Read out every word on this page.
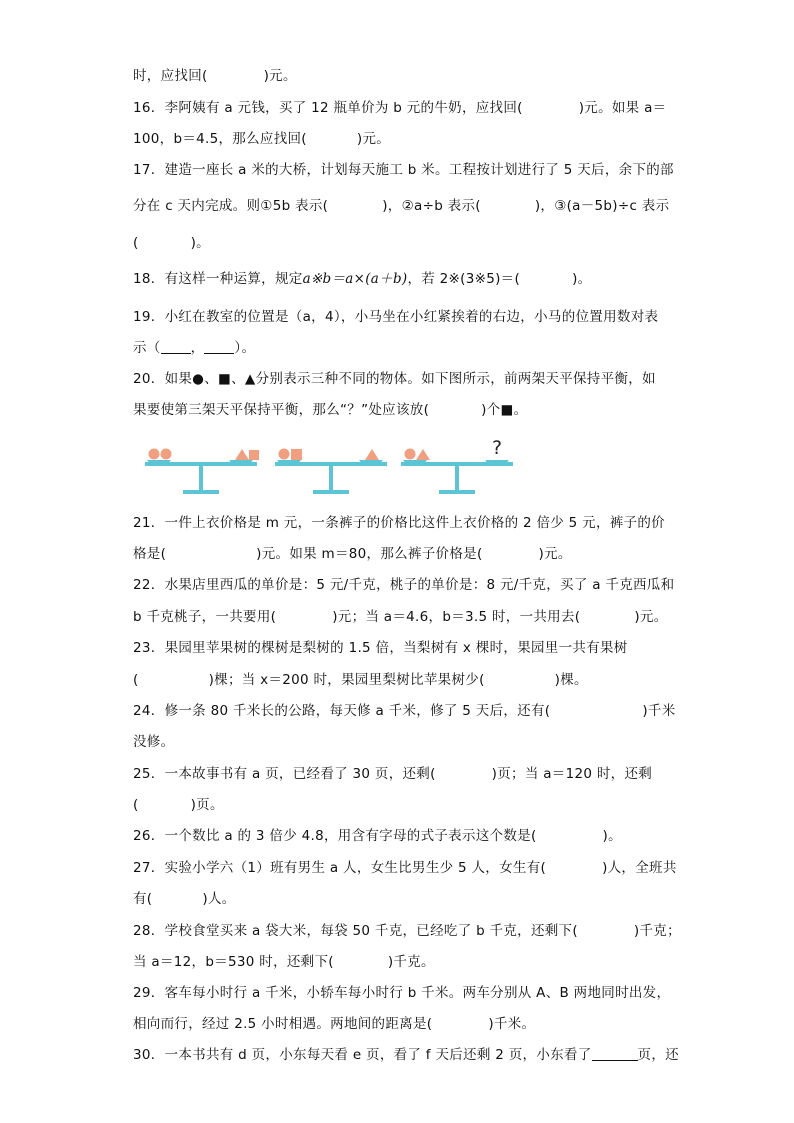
时，应找回(	)元。
16．李阿姨有 a 元钱，买了 12 瓶单价为 b 元的牛奶，应找回(	)元。如果 a＝
100，b＝4.5，那么应找回(	)元。
17．建造一座长 a 米的大桥，计划每天施工 b 米。工程按计划进行了 5 天后，余下的部
分在 c 天内完成。则①5b 表示(	)，②a÷b 表示(	)，③(a－5b)÷c 表示
(	)。
18．有这样一种运算，规定a※b＝a×(a＋b)，若 2※(3※5)＝(	)。
19．小红在教室的位置是（a，4），小马坐在小红紧挨着的右边，小马的位置用数对表
示（ ， ）。
20．如果●、■、▲分别表示三种不同的物体。如下图所示，前两架天平保持平衡，如
果要使第三架天平保持平衡，那么“？”处应该放(	)个■。
?
21．一件上衣价格是 m 元，一条裤子的价格比这件上衣价格的 2 倍少 5 元，裤子的价
格是(	)元。如果 m＝80，那么裤子价格是(	)元。
22．水果店里西瓜的单价是：5 元/千克，桃子的单价是：8 元/千克，买了 a 千克西瓜和
b 千克桃子，一共要用(	)元；当 a＝4.6，b＝3.5 时，一共用去(	)元。
23．果园里苹果树的棵树是梨树的 1.5 倍，当梨树有 x 棵时，果园里一共有果树
(	)棵；当 x＝200 时，果园里梨树比苹果树少(	)棵。
24．修一条 80 千米长的公路，每天修 a 千米，修了 5 天后，还有(	)千米
没修。
25．一本故事书有 a 页，已经看了 30 页，还剩(	)页；当 a＝120 时，还剩
(	)页。
26．一个数比 a 的 3 倍少 4.8，用含有字母的式子表示这个数是(	)。
27．实验小学六（1）班有男生 a 人，女生比男生少 5 人，女生有(	)人，全班共
有(	)人。
28．学校食堂买来 a 袋大米，每袋 50 千克，已经吃了 b 千克，还剩下(	)千克；
当 a＝12，b＝530 时，还剩下(	)千克。
29．客车每小时行 a 千米，小轿车每小时行 b 千米。两车分别从 A、B 两地同时出发，
相向而行，经过 2.5 小时相遇。两地间的距离是(	)千米。
30．一本书共有 d 页，小东每天看 e 页，看了 f 天后还剩 2 页，小东看了	页，还
